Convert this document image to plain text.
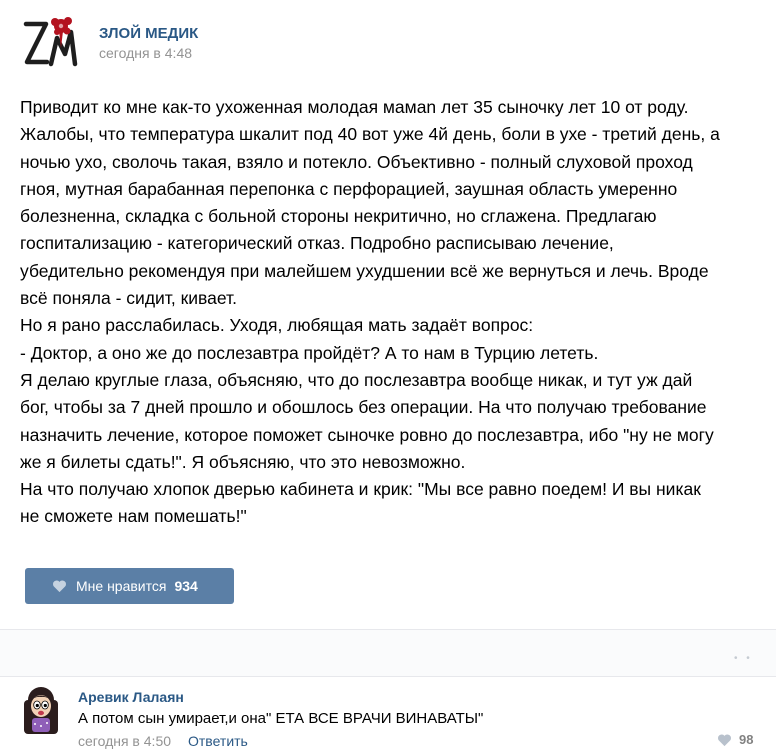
ЗЛОЙ МЕДИК
сегодня в 4:48
Приводит ко мне как-то ухоженная молодая мамаn лет 35 сыночку лет 10 от роду.
Жалобы, что температура шкалит под 40 вот уже 4й день, боли в ухе - третий день, а
ночью ухо, сволочь такая, взяло и потекло. Объективно - полный слуховой проход
гноя, мутная барабанная перепонка с перфорацией, заушная область умеренно
болезненна, складка с больной стороны некритично, но сглажена. Предлагаю
госпитализацию - категорический отказ. Подробно расписываю лечение,
убедительно рекомендуя при малейшем ухудшении всё же вернуться и лечь. Вроде
всё поняла - сидит, кивает.
Но я рано расслабилась. Уходя, любящая мать задаёт вопрос:
- Доктор, а оно же до послезавтра пройдёт? А то нам в Турцию лететь.
Я делаю круглые глаза, объясняю, что до послезавтра вообще никак, и тут уж дай
бог, чтобы за 7 дней прошло и обошлось без операции. На что получаю требование
назначить лечение, которое поможет сыночке ровно до послезавтра, ибо "ну не могу
же я билеты сдать!". Я объясняю, что это невозможно.
На что получаю хлопок дверью кабинета и крик: "Мы все равно поедем! И вы никак
не сможете нам помешать!"
Мне нравится 934
• •
Аревик Лалаян
А потом сын умирает,и она" ЕТА ВСЕ ВРАЧИ ВИНАВАТЫ"
сегодня в 4:50 Ответить	98
